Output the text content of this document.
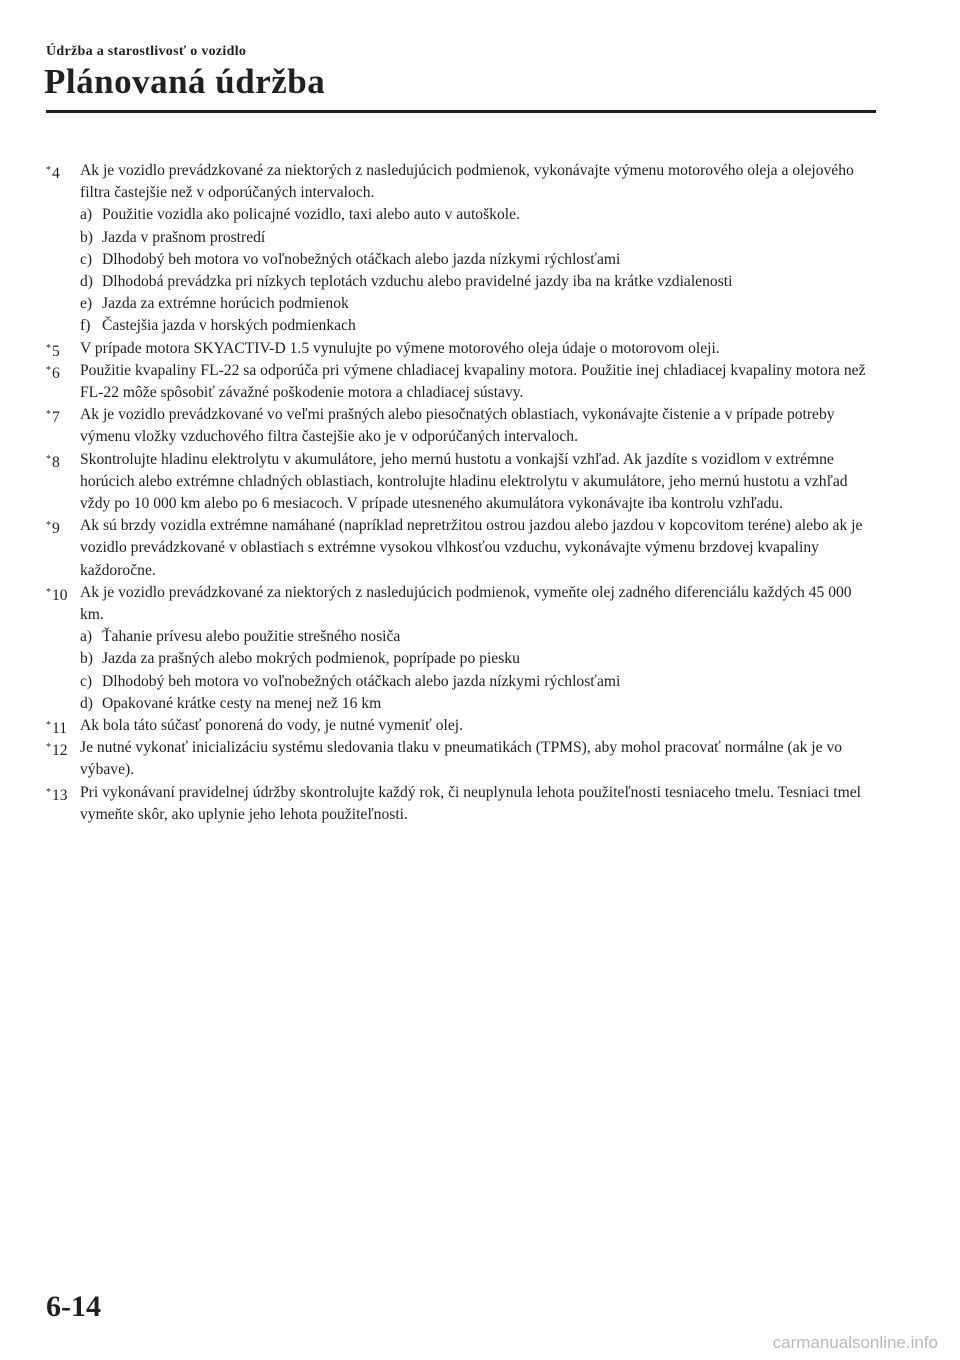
Údržba a starostlivosť o vozidlo
Plánovaná údržba
*4 Ak je vozidlo prevádzkované za niektorých z nasledujúcich podmienok, vykonávajte výmenu motorového oleja a olejového filtra častejšie než v odporúčaných intervaloch.
a) Použitie vozidla ako policajné vozidlo, taxi alebo auto v autoškole.
b) Jazda v prašnom prostredí
c) Dlhodobý beh motora vo voľnobežných otáčkach alebo jazda nízkymi rýchlosťami
d) Dlhodobá prevádzka pri nízkych teplotách vzduchu alebo pravidelné jazdy iba na krátke vzdialenosti
e) Jazda za extrémne horúcich podmienok
f) Častejšia jazda v horských podmienkach
*5 V prípade motora SKYACTIV-D 1.5 vynulujte po výmene motorového oleja údaje o motorovom oleji.
*6 Použitie kvapaliny FL-22 sa odporúča pri výmene chladiacej kvapaliny motora. Použitie inej chladiacej kvapaliny motora než FL-22 môže spôsobiť závažné poškodenie motora a chladiacej sústavy.
*7 Ak je vozidlo prevádzkované vo veľmi prašných alebo piesočnatých oblastiach, vykonávajte čistenie a v prípade potreby výmenu vložky vzduchového filtra častejšie ako je v odporúčaných intervaloch.
*8 Skontrolujte hladinu elektrolytu v akumulátore, jeho mernú hustotu a vonkajší vzhľad. Ak jazdíte s vozidlom v extrémne horúcich alebo extrémne chladných oblastiach, kontrolujte hladinu elektrolytu v akumulátore, jeho mernú hustotu a vzhľad vždy po 10 000 km alebo po 6 mesiacoch. V prípade utesneného akumulátora vykonávajte iba kontrolu vzhľadu.
*9 Ak sú brzdy vozidla extrémne namáhané (napríklad nepretržitou ostrou jazdou alebo jazdou v kopcovitom teréne) alebo ak je vozidlo prevádzkované v oblastiach s extrémne vysokou vlhkosťou vzduchu, vykonávajte výmenu brzdovej kvapaliny každoročne.
*10 Ak je vozidlo prevádzkované za niektorých z nasledujúcich podmienok, vymeňte olej zadného diferenciálu každých 45 000 km.
a) Ťahanie prívesu alebo použitie strešného nosiča
b) Jazda za prašných alebo mokrých podmienok, poprípade po piesku
c) Dlhodobý beh motora vo voľnobežných otáčkach alebo jazda nízkymi rýchlosťami
d) Opakované krátke cesty na menej než 16 km
*11 Ak bola táto súčasť ponorená do vody, je nutné vymeniť olej.
*12 Je nutné vykonať inicializáciu systému sledovania tlaku v pneumatikách (TPMS), aby mohol pracovať normálne (ak je vo výbave).
*13 Pri vykonávaní pravidelnej údržby skontrolujte každý rok, či neuplynula lehota použiteľnosti tesniaceho tmelu. Tesniaci tmel vymeňte skôr, ako uplynie jeho lehota použiteľnosti.
6-14
carmanualsonline.info
